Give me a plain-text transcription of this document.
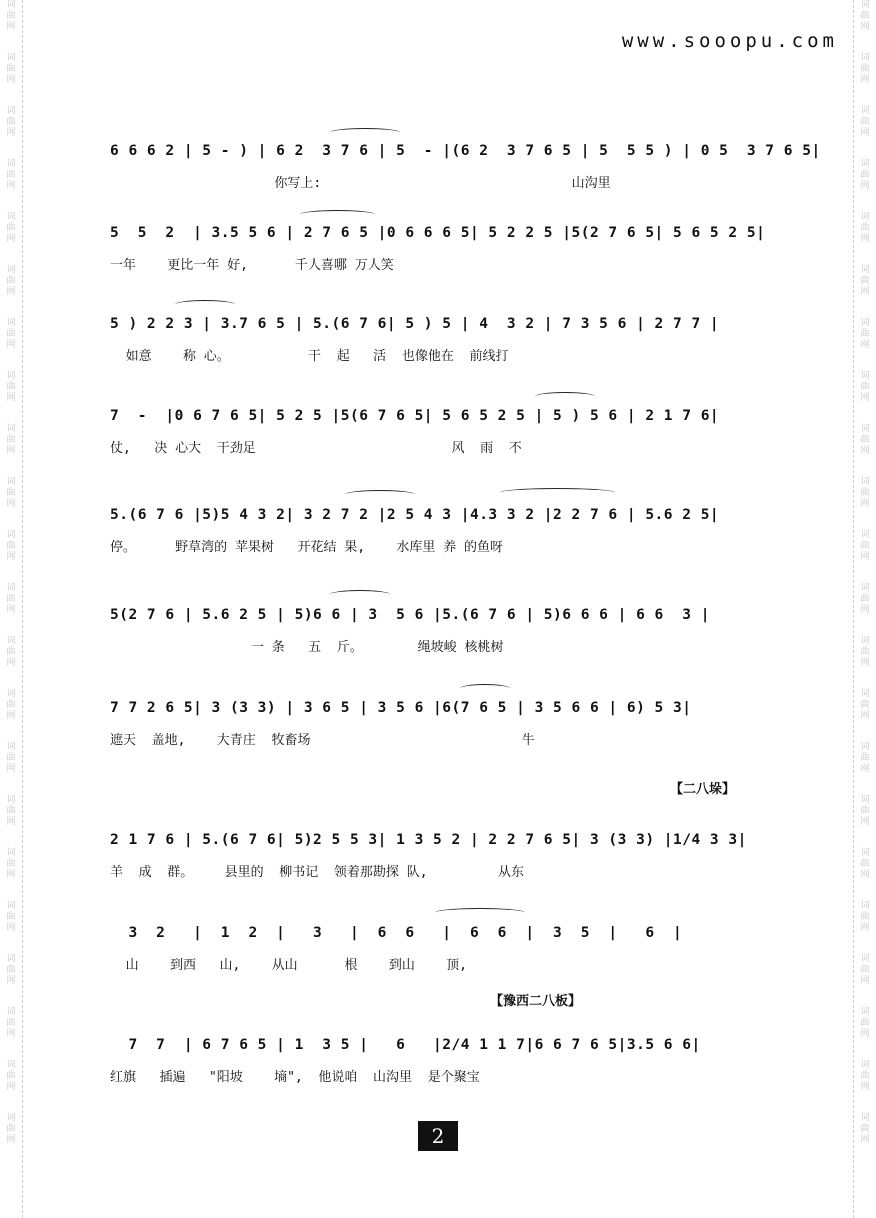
词曲网
词曲网
词曲网
词曲网
词曲网
词曲网
词曲网
词曲网
词曲网
词曲网
词曲网
词曲网
词曲网
词曲网
词曲网
词曲网
词曲网
词曲网
词曲网
词曲网
词曲网
词曲网
词曲网
词曲网
词曲网
词曲网
词曲网
词曲网
词曲网
词曲网
词曲网
词曲网
词曲网
词曲网
词曲网
词曲网
词曲网
词曲网
词曲网
词曲网
词曲网
词曲网
词曲网
词曲网
www.sooopu.com
6 6 6 2 | 5 - ) | 6 2  3 7 6 | 5  - |(6 2  3 7 6 5 | 5  5 5 ) | 0 5  3 7 6 5|
你写上:                                山沟里
5  5  2  | 3.5 5 6 | 2 7 6 5 |0 6 6 6 5| 5 2 2 5 |5(2 7 6 5| 5 6 5 2 5|
一年    更比一年 好,      千人喜哪 万人笑
5 ) 2 2 3 | 3.7 6 5 | 5.(6 7 6| 5 ) 5 | 4  3 2 | 7 3 5 6 | 2 7 7 |
如意    称 心。          干  起   活  也像他在  前线打
7  -  |0 6 7 6 5| 5 2 5 |5(6 7 6 5| 5 6 5 2 5 | 5 ) 5 6 | 2 1 7 6|
仗,   决 心大  干劲足                         风  雨  不
5.(6 7 6 |5)5 4 3 2| 3 2 7 2 |2 5 4 3 |4.3 3 2 |2 2 7 6 | 5.6 2 5|
停。     野草湾的 苹果树   开花结 果,    水库里 养 的鱼呀
5(2 7 6 | 5.6 2 5 | 5)6 6 | 3  5 6 |5.(6 7 6 | 5)6 6 6 | 6 6  3 |
一 条   五  斤。       绳坡峻 核桃树
7 7 2 6 5| 3 (3 3) | 3 6 5 | 3 5 6 |6(7 6 5 | 3 5 6 6 | 6) 5 3|
遮天  盖地,    大青庄  牧畜场                           牛
【二八垛】
2 1 7 6 | 5.(6 7 6| 5)2 5 5 3| 1 3 5 2 | 2 2 7 6 5| 3 (3 3) |1/4 3 3|
羊  成  群。    县里的  柳书记  领着那勘探 队,         从东
3  2   |  1  2  |   3   |  6  6   |  6  6  |  3  5  |   6  |
山    到西   山,    从山      根    到山    顶,
【豫西二八板】
7  7  | 6 7 6 5 | 1  3 5 |   6   |2/4 1 1 7|6 6 7 6 5|3.5 6 6|
红旗   插遍   "阳坡    墒",  他说咱  山沟里  是个聚宝
2
